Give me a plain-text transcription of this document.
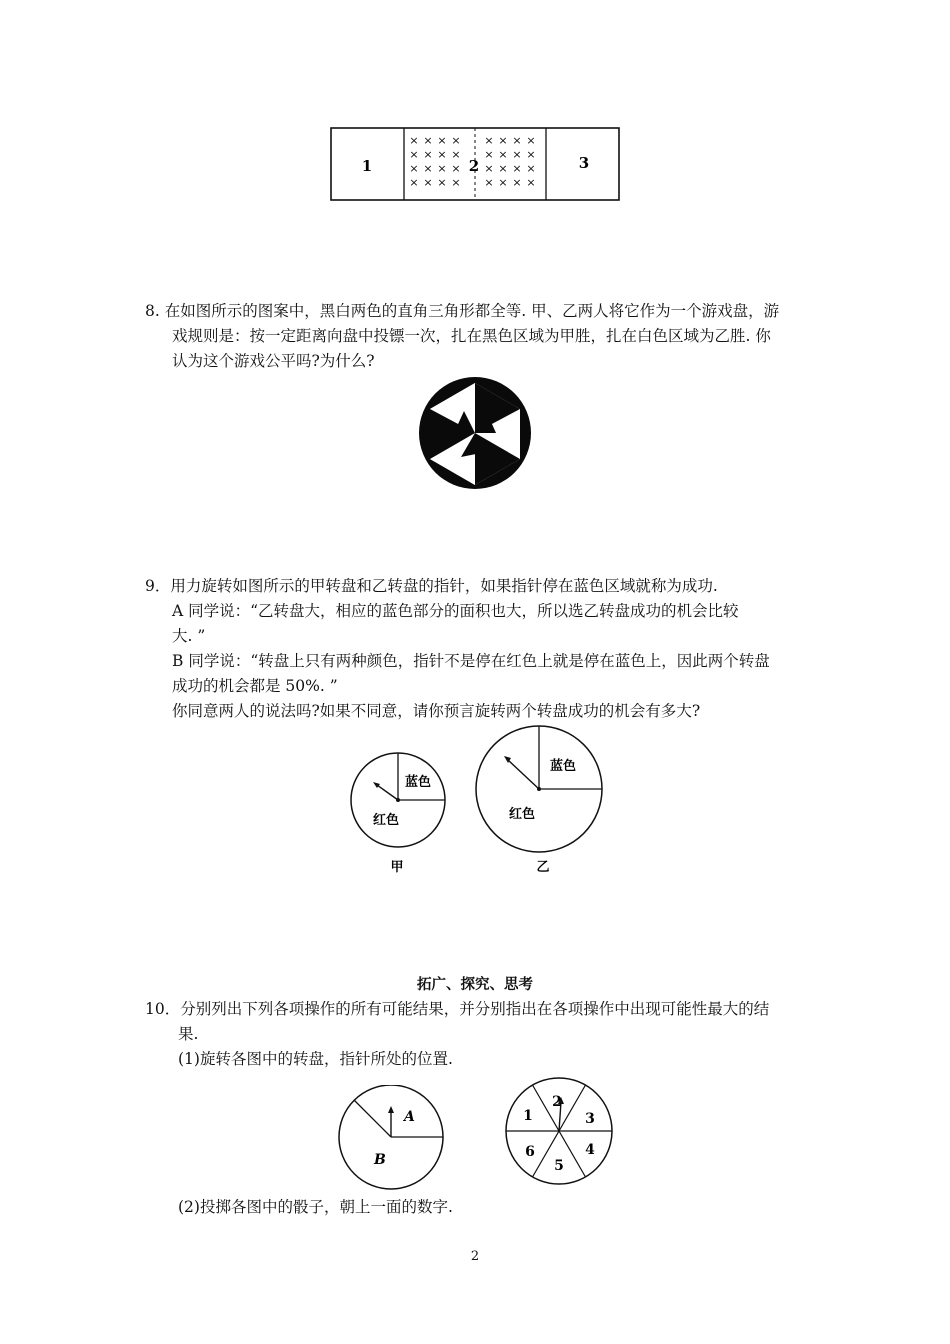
×
×
×
×
×
×
×
×
×
×
×
×
×
×
×
×
×
×
×
×
×
×
×
×
×
×
×
×
×
×
×
×
1	2	3
8. 在如图所示的图案中，黑白两色的直角三角形都全等. 甲、乙两人将它作为一个游戏盘，游
戏规则是：按一定距离向盘中投镖一次，扎在黑色区域为甲胜，扎在白色区域为乙胜. 你
认为这个游戏公平吗?为什么?
9．用力旋转如图所示的甲转盘和乙转盘的指针，如果指针停在蓝色区域就称为成功.
A 同学说：“乙转盘大，相应的蓝色部分的面积也大，所以选乙转盘成功的机会比较
大. ”
B 同学说：“转盘上只有两种颜色，指针不是停在红色上就是停在蓝色上，因此两个转盘
成功的机会都是 50%. ”
你同意两人的说法吗?如果不同意，请你预言旋转两个转盘成功的机会有多大?
蓝色
红色
甲
蓝色
红色
乙
拓广、探究、思考
10．分别列出下列各项操作的所有可能结果，并分别指出在各项操作中出现可能性最大的结
果.
(1)旋转各图中的转盘，指针所处的位置.
A
B
1
2
3
4
5
6
(2)投掷各图中的骰子，朝上一面的数字.
2
